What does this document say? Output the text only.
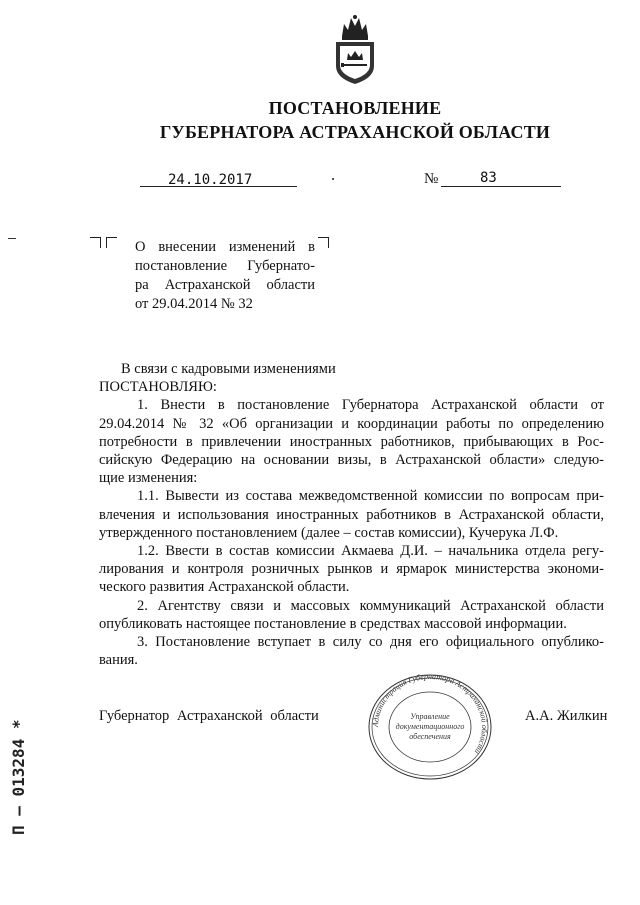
ПОСТАНОВЛЕНИЕ
ГУБЕРНАТОРА АСТРАХАНСКОЙ ОБЛАСТИ
24.10.2017	№	83
О внесении изменений в
постановление Губернато-
ра Астраханской области
от 29.04.2014 № 32
В связи с кадровыми изменениями
ПОСТАНОВЛЯЮ:
1. Внести в постановление Губернатора Астраханской области от
29.04.2014 № 32 «Об организации и координации работы по определению
потребности в привлечении иностранных работников, прибывающих в Рос-
сийскую Федерацию на основании визы, в Астраханской области» следую-
щие изменения:
1.1. Вывести из состава межведомственной комиссии по вопросам при-
влечения и использования иностранных работников в Астраханской области,
утвержденного постановлением (далее – состав комиссии), Кучерука Л.Ф.
1.2. Ввести в состав комиссии Акмаева Д.И. – начальника отдела регу-
лирования и контроля розничных рынков и ярмарок министерства экономи-
ческого развития Астраханской области.
2. Агентству связи и массовых коммуникаций Астраханской области
опубликовать настоящее постановление в средствах массовой информации.
3. Постановление вступает в силу со дня его официального опублико-
вания.
Губернатор Астраханской области	А.А. Жилкин
Администрация Губернатора Астраханской области
Управление
документационного
обеспечения
П – 013284 *
